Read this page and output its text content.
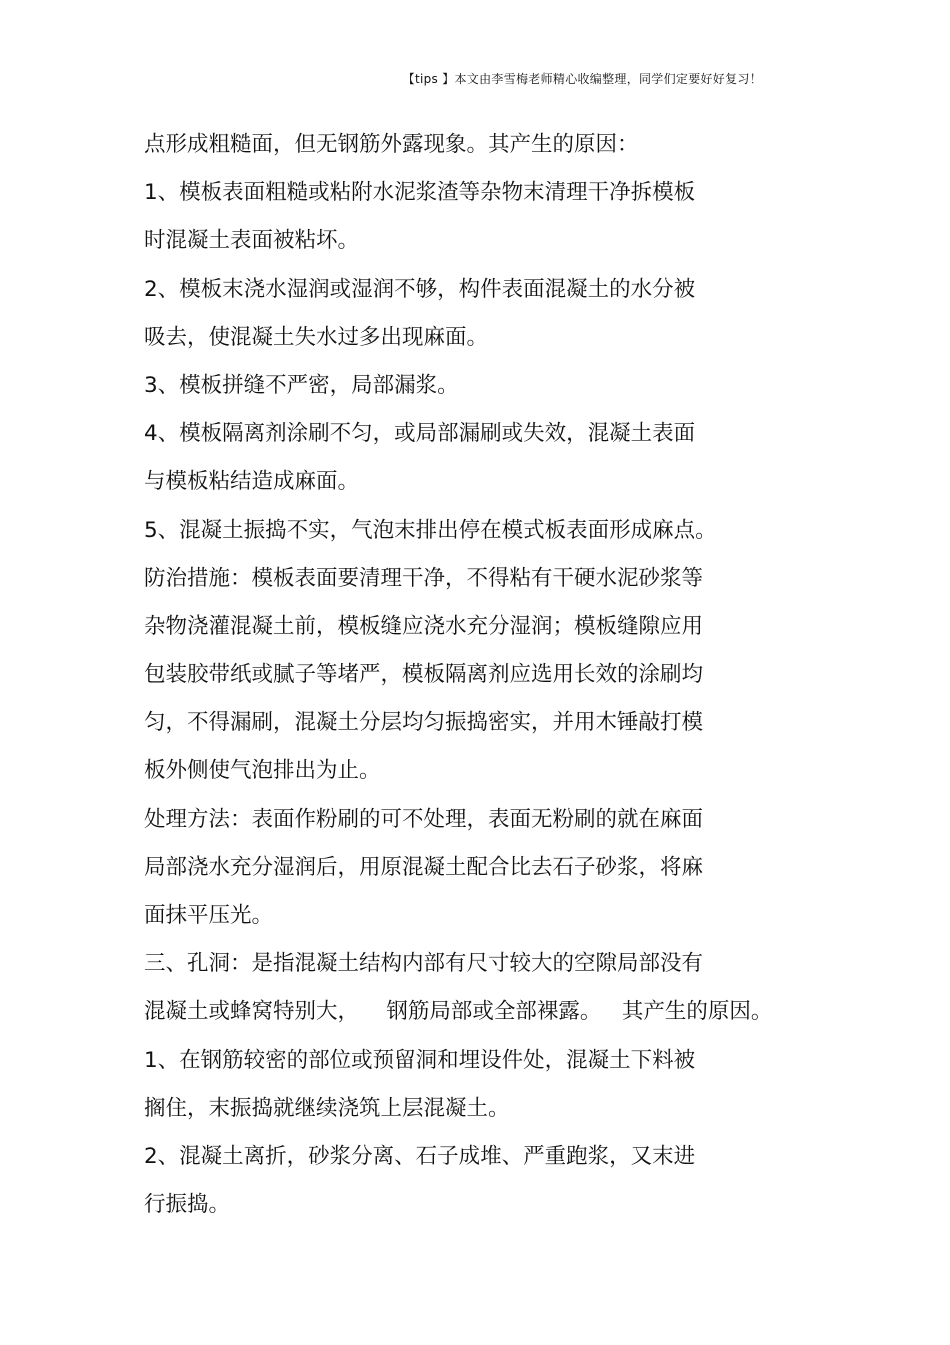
【tips 】本文由李雪梅老师精心收编整理，同学们定要好好复习！
点形成粗糙面，但无钢筋外露现象。其产生的原因：
1、模板表面粗糙或粘附水泥浆渣等杂物末清理干净拆模板
时混凝土表面被粘坏。
2、模板末浇水湿润或湿润不够，构件表面混凝土的水分被
吸去，使混凝土失水过多出现麻面。
3、模板拼缝不严密，局部漏浆。
4、模板隔离剂涂刷不匀，或局部漏刷或失效，混凝土表面
与模板粘结造成麻面。
5、混凝土振捣不实，气泡末排出停在模式板表面形成麻点。
防治措施：模板表面要清理干净，不得粘有干硬水泥砂浆等
杂物浇灌混凝土前，模板缝应浇水充分湿润；模板缝隙应用
包装胶带纸或腻子等堵严，模板隔离剂应选用长效的涂刷均
匀，不得漏刷，混凝土分层均匀振捣密实，并用木锤敲打模
板外侧使气泡排出为止。
处理方法：表面作粉刷的可不处理，表面无粉刷的就在麻面
局部浇水充分湿润后，用原混凝土配合比去石子砂浆，将麻
面抹平压光。
三、孔洞：是指混凝土结构内部有尺寸较大的空隙局部没有
混凝土或蜂窝特别大，    钢筋局部或全部裸露。   其产生的原因。
1、在钢筋较密的部位或预留洞和埋设件处，混凝土下料被
搁住，末振捣就继续浇筑上层混凝土。
2、混凝土离折，砂浆分离、石子成堆、严重跑浆，又末进
行振捣。
